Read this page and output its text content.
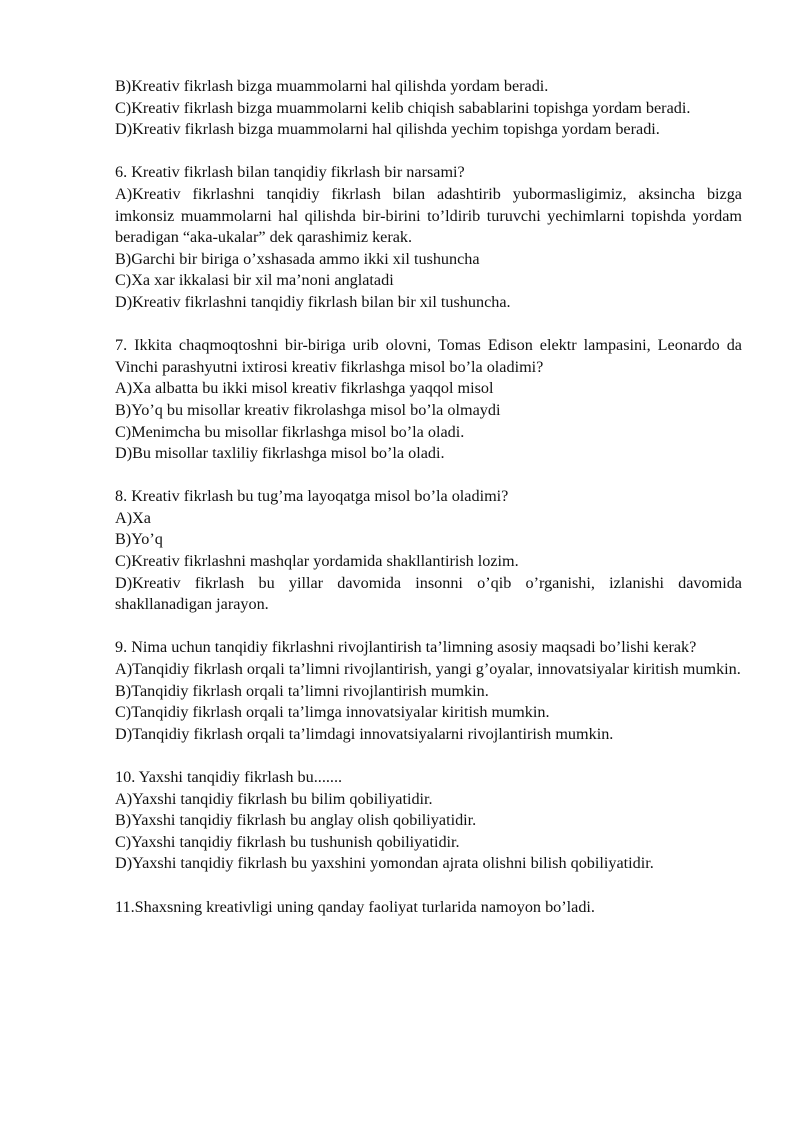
B)Kreativ fikrlash bizga muammolarni hal qilishda yordam beradi.

C)Kreativ fikrlash bizga muammolarni kelib chiqish sabablarini topishga yordam beradi.

D)Kreativ fikrlash bizga muammolarni hal qilishda yechim topishga yordam beradi.

6. Kreativ fikrlash bilan tanqidiy fikrlash bir narsami?

A)Kreativ fikrlashni tanqidiy fikrlash bilan adashtirib yubormasligimiz, aksincha bizga imkonsiz muammolarni hal qilishda bir-birini to’ldirib turuvchi yechimlarni topishda yordam beradigan “aka-ukalar” dek qarashimiz kerak.

B)Garchi bir biriga o’xshasada ammo ikki xil tushuncha

C)Xa xar ikkalasi bir xil ma’noni anglatadi

D)Kreativ fikrlashni tanqidiy fikrlash bilan bir xil tushuncha.

7. Ikkita chaqmoqtoshni bir-biriga urib olovni, Tomas Edison elektr lampasini, Leonardo da Vinchi parashyutni ixtirosi kreativ fikrlashga misol bo’la oladimi?

A)Xa albatta bu ikki misol kreativ fikrlashga yaqqol misol

B)Yo’q bu misollar kreativ fikrolashga misol bo’la olmaydi

C)Menimcha bu misollar fikrlashga misol bo’la oladi.

D)Bu misollar taxliliy fikrlashga misol bo’la oladi.

8. Kreativ fikrlash bu tug’ma layoqatga misol bo’la oladimi?

A)Xa

B)Yo’q

C)Kreativ fikrlashni mashqlar yordamida shakllantirish lozim.

D)Kreativ fikrlash bu yillar davomida insonni o’qib o’rganishi, izlanishi davomida shakllanadigan jarayon.

9. Nima uchun tanqidiy fikrlashni rivojlantirish ta’limning asosiy maqsadi bo’lishi kerak?

A)Tanqidiy fikrlash orqali ta’limni rivojlantirish, yangi g’oyalar, innovatsiyalar kiritish mumkin.

B)Tanqidiy fikrlash orqali ta’limni rivojlantirish mumkin.

C)Tanqidiy fikrlash orqali ta’limga innovatsiyalar kiritish mumkin.

D)Tanqidiy fikrlash orqali ta’limdagi innovatsiyalarni rivojlantirish mumkin.

10. Yaxshi tanqidiy fikrlash bu.......

A)Yaxshi tanqidiy fikrlash bu bilim qobiliyatidir.

B)Yaxshi tanqidiy fikrlash bu anglay olish qobiliyatidir.

C)Yaxshi tanqidiy fikrlash bu tushunish qobiliyatidir.

D)Yaxshi tanqidiy fikrlash bu yaxshini yomondan ajrata olishni bilish qobiliyatidir.

11.Shaxsning kreativligi uning qanday faoliyat turlarida namoyon bo’ladi.
